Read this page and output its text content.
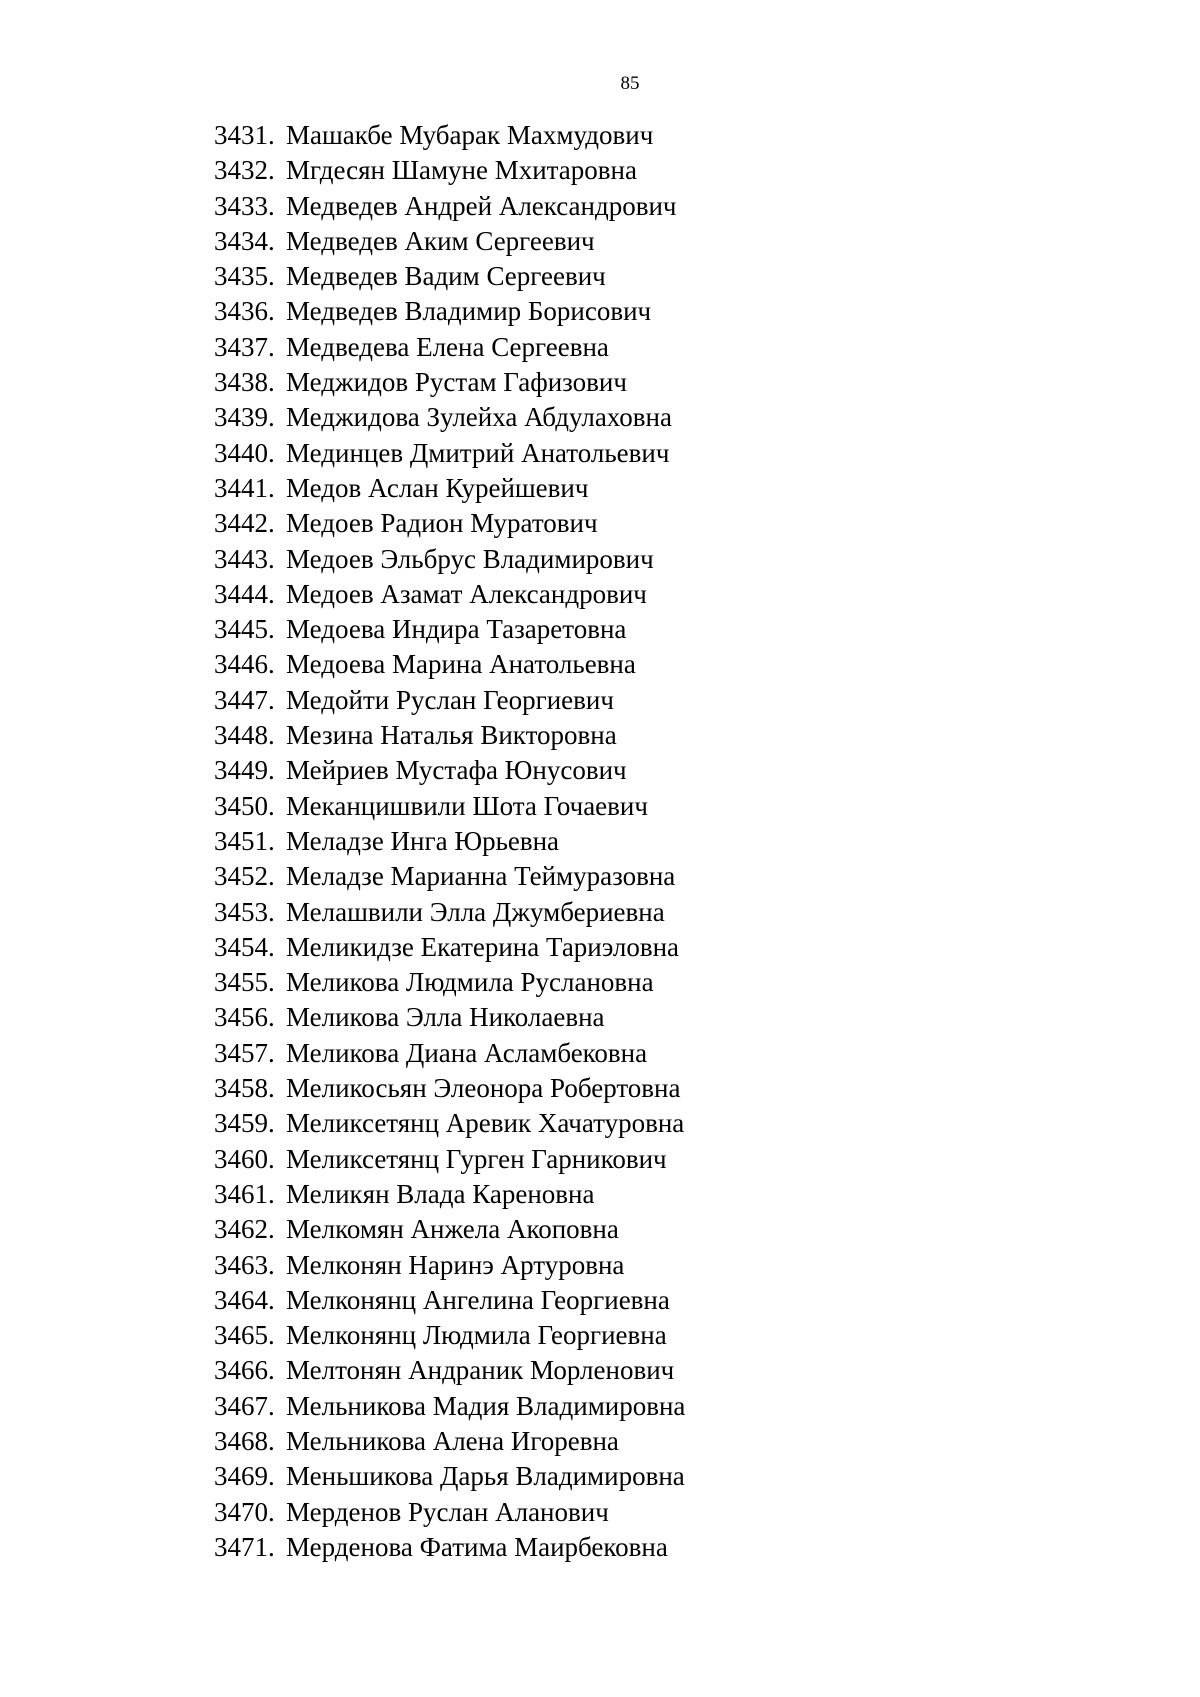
85
3431. Машакбе Мубарак Махмудович
3432. Мгдесян Шамуне Мхитаровна
3433. Медведев Андрей Александрович
3434. Медведев Аким Сергеевич
3435. Медведев Вадим Сергеевич
3436. Медведев Владимир Борисович
3437. Медведева Елена Сергеевна
3438. Меджидов Рустам Гафизович
3439. Меджидова Зулейха Абдулаховна
3440. Мединцев Дмитрий Анатольевич
3441. Медов Аслан Курейшевич
3442. Медоев Радион Муратович
3443. Медоев Эльбрус Владимирович
3444. Медоев Азамат Александрович
3445. Медоева Индира Тазаретовна
3446. Медоева Марина Анатольевна
3447. Медойти Руслан Георгиевич
3448. Мезина Наталья Викторовна
3449. Мейриев Мустафа Юнусович
3450. Меканцишвили Шота Гочаевич
3451. Меладзе Инга Юрьевна
3452. Меладзе Марианна Теймуразовна
3453. Мелашвили Элла Джумбериевна
3454. Меликидзе Екатерина Тариэловна
3455. Меликова Людмила Руслановна
3456. Меликова Элла Николаевна
3457. Меликова Диана Асламбековна
3458. Меликосьян Элеонора Робертовна
3459. Меликсетянц Аревик Хачатуровна
3460. Меликсетянц Гурген Гарникович
3461. Меликян Влада Кареновна
3462. Мелкомян Анжела Акоповна
3463. Мелконян Наринэ Артуровна
3464. Мелконянц Ангелина Георгиевна
3465. Мелконянц Людмила Георгиевна
3466. Мелтонян Андраник Морленович
3467. Мельникова Мадия Владимировна
3468. Мельникова Алена Игоревна
3469. Меньшикова Дарья Владимировна
3470. Мерденов Руслан Аланович
3471. Мерденова Фатима Маирбековна
